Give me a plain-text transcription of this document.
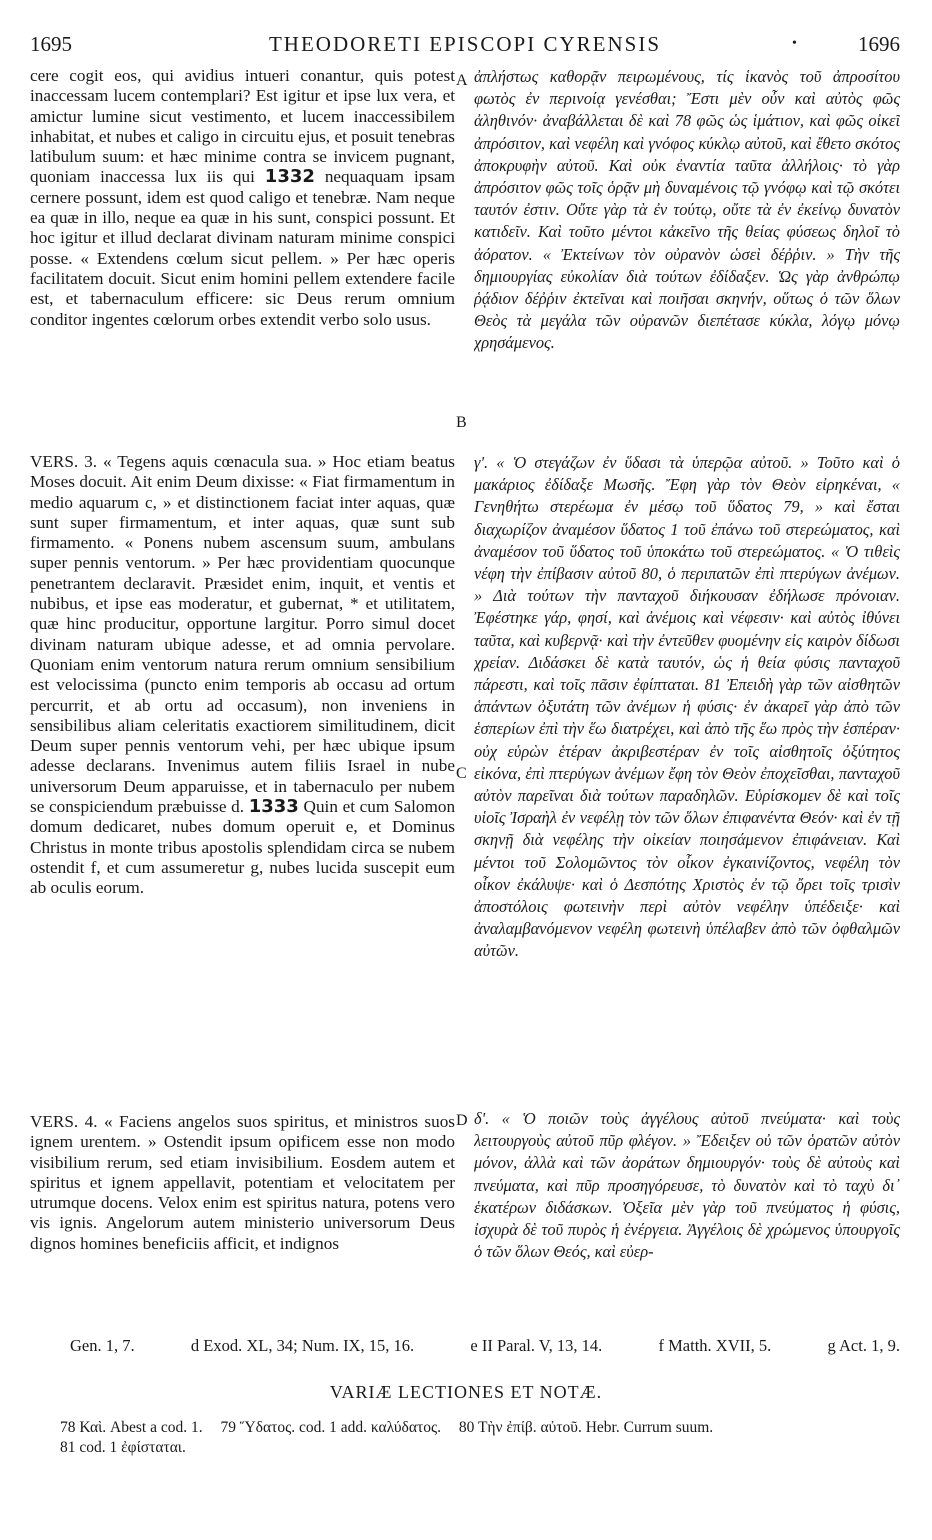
1695	THEODORETI EPISCOPI CYRENSIS	•	1696

cere cogit eos, qui avidius intueri conantur, quis potest inaccessam lucem contemplari? Est igitur et ipse lux vera, et amictur lumine sicut vestimento, et lucem inaccessibilem inhabitat, et nubes et caligo in circuitu ejus, et posuit tenebras latibulum suum: et hæc minime contra se invicem pugnant, quoniam inaccessa lux iis qui 1332 nequaquam ipsam cernere possunt, idem est quod caligo et tenebræ. Nam neque ea quæ in illo, neque ea quæ in his sunt, conspici possunt. Et hoc igitur et illud declarat divinam naturam minime conspici posse. « Extendens cœlum sicut pellem. » Per hæc operis facilitatem docuit. Sicut enim homini pellem extendere facile est, et tabernaculum efficere: sic Deus rerum omnium conditor ingentes cœlorum orbes extendit verbo solo usus.

VERS. 3. « Tegens aquis cœnacula sua. » Hoc etiam beatus Moses docuit. Ait enim Deum dixisse: « Fiat firmamentum in medio aquarum c, » et distinctionem faciat inter aquas, quæ sunt super firmamentum, et inter aquas, quæ sunt sub firmamento. « Ponens nubem ascensum suum, ambulans super pennis ventorum. » Per hæc providentiam quocunque penetrantem declaravit. Præsidet enim, inquit, et ventis et nubibus, et ipse eas moderatur, et gubernat, * et utilitatem, quæ hinc producitur, opportune largitur. Porro simul docet divinam naturam ubique adesse, et ad omnia pervolare. Quoniam enim ventorum natura rerum omnium sensibilium est velocissima (puncto enim temporis ab occasu ad ortum percurrit, et ab ortu ad occasum), non inveniens in sensibilibus aliam celeritatis exactiorem similitudinem, dicit Deum super pennis ventorum vehi, per hæc ubique ipsum adesse declarans. Invenimus autem filiis Israel in nube universorum Deum apparuisse, et in tabernaculo per nubem se conspiciendum præbuisse d. 1333 Quin et cum Salomon domum dedicaret, nubes domum operuit e, et Dominus Christus in monte tribus apostolis splendidam circa se nubem ostendit f, et cum assumeretur g, nubes lucida suscepit eum ab oculis eorum.

VERS. 4. « Faciens angelos suos spiritus, et ministros suos ignem urentem. » Ostendit ipsum opificem esse non modo visibilium rerum, sed etiam invisibilium. Eosdem autem et spiritus et ignem appellavit, potentiam et velocitatem per utrumque docens. Velox enim est spiritus natura, potens vero vis ignis. Angelorum autem ministerio universorum Deus dignos homines beneficiis afficit, et indignos

A
B
C
D

ἀπλήστως καθορᾷν πειρωμένους, τίς ἱκανὸς τοῦ ἀπροσίτου φωτὸς ἐν περινοίᾳ γενέσθαι; Ἔστι μὲν οὖν καὶ αὐτὸς φῶς ἀληθινόν· ἀναβάλλεται δὲ καὶ 78 φῶς ὡς ἱμάτιον, καὶ φῶς οἰκεῖ ἀπρόσιτον, καὶ νεφέλη καὶ γνόφος κύκλῳ αὐτοῦ, καὶ ἔθετο σκότος ἀποκρυφὴν αὐτοῦ. Καὶ οὐκ ἐναντία ταῦτα ἀλλήλοις· τὸ γὰρ ἀπρόσιτον φῶς τοῖς ὁρᾷν μὴ δυναμένοις τῷ γνόφῳ καὶ τῷ σκότει ταυτόν ἐστιν. Οὔτε γὰρ τὰ ἐν τούτῳ, οὔτε τὰ ἐν ἐκείνῳ δυνατὸν κατιδεῖν. Καὶ τοῦτο μέντοι κἀκεῖνο τῆς θείας φύσεως δηλοῖ τὸ ἀόρατον. « Ἐκτείνων τὸν οὐρανὸν ὡσεὶ δέῤῥιν. » Τὴν τῆς δημιουργίας εὐκολίαν διὰ τούτων ἐδίδαξεν. Ὡς γὰρ ἀνθρώπῳ ῥᾴδιον δέῤῥιν ἐκτεῖναι καὶ ποιῆσαι σκηνήν, οὕτως ὁ τῶν ὅλων Θεὸς τὰ μεγάλα τῶν οὐρανῶν διεπέτασε κύκλα, λόγῳ μόνῳ χρησάμενος.

γʹ. « Ὁ στεγάζων ἐν ὕδασι τὰ ὑπερῷα αὐτοῦ. » Τοῦτο καὶ ὁ μακάριος ἐδίδαξε Μωσῆς. Ἔφη γὰρ τὸν Θεὸν εἰρηκέναι, « Γενηθήτω στερέωμα ἐν μέσῳ τοῦ ὕδατος 79, » καὶ ἔσται διαχωρίζον ἀναμέσον ὕδατος 1 τοῦ ἐπάνω τοῦ στερεώματος, καὶ ἀναμέσον τοῦ ὕδατος τοῦ ὑποκάτω τοῦ στερεώματος. « Ὁ τιθεὶς νέφη τὴν ἐπίβασιν αὐτοῦ 80, ὁ περιπατῶν ἐπὶ πτερύγων ἀνέμων. » Διὰ τούτων τὴν πανταχοῦ διήκουσαν ἐδήλωσε πρόνοιαν. Ἐφέστηκε γάρ, φησί, καὶ ἀνέμοις καὶ νέφεσιν· καὶ αὐτὸς ἰθύνει ταῦτα, καὶ κυβερνᾷ· καὶ τὴν ἐντεῦθεν φυομένην εἰς καιρὸν δίδωσι χρείαν. Διδάσκει δὲ κατὰ ταυτόν, ὡς ἡ θεία φύσις πανταχοῦ πάρεστι, καὶ τοῖς πᾶσιν ἐφίπταται. 81 Ἐπειδὴ γὰρ τῶν αἰσθητῶν ἁπάντων ὀξυτάτη τῶν ἀνέμων ἡ φύσις· ἐν ἀκαρεῖ γὰρ ἀπὸ τῶν ἑσπερίων ἐπὶ τὴν ἕω διατρέχει, καὶ ἀπὸ τῆς ἕω πρὸς τὴν ἑσπέραν· οὐχ εὑρὼν ἑτέραν ἀκριβεστέραν ἐν τοῖς αἰσθητοῖς ὀξύτητος εἰκόνα, ἐπὶ πτερύγων ἀνέμων ἔφη τὸν Θεὸν ἐποχεῖσθαι, πανταχοῦ αὐτὸν παρεῖναι διὰ τούτων παραδηλῶν. Εὑρίσκομεν δὲ καὶ τοῖς υἱοῖς Ἰσραὴλ ἐν νεφέλῃ τὸν τῶν ὅλων ἐπιφανέντα Θεόν· καὶ ἐν τῇ σκηνῇ διὰ νεφέλης τὴν οἰκείαν ποιησάμενον ἐπιφάνειαν. Καὶ μέντοι τοῦ Σολομῶντος τὸν οἶκον ἐγκαινίζοντος, νεφέλη τὸν οἶκον ἐκάλυψε· καὶ ὁ Δεσπότης Χριστὸς ἐν τῷ ὄρει τοῖς τρισὶν ἀποστόλοις φωτεινὴν περὶ αὐτὸν νεφέλην ὑπέδειξε· καὶ ἀναλαμβανόμενον νεφέλη φωτεινὴ ὑπέλαβεν ἀπὸ τῶν ὀφθαλμῶν αὐτῶν.

δʹ. « Ὁ ποιῶν τοὺς ἀγγέλους αὐτοῦ πνεύματα· καὶ τοὺς λειτουργοὺς αὐτοῦ πῦρ φλέγον. » Ἔδειξεν οὐ τῶν ὁρατῶν αὐτὸν μόνον, ἀλλὰ καὶ τῶν ἀοράτων δημιουργόν· τοὺς δὲ αὐτοὺς καὶ πνεύματα, καὶ πῦρ προσηγόρευσε, τὸ δυνατὸν καὶ τὸ ταχὺ δι᾽ ἑκατέρων διδάσκων. Ὀξεῖα μὲν γὰρ τοῦ πνεύματος ἡ φύσις, ἰσχυρὰ δὲ τοῦ πυρὸς ἡ ἐνέργεια. Ἀγγέλοις δὲ χρώμενος ὑπουργοῖς ὁ τῶν ὅλων Θεός, καὶ εὐερ-

Gen. 1, 7.	d Exod. XL, 34; Num. IX, 15, 16.	e II Paral. V, 13, 14.	f Matth. XVII, 5.	g Act. 1, 9.
VARIÆ LECTIONES ET NOTÆ.
78 Καὶ. Abest a cod. 1. 79 Ὕδατος. cod. 1 add. καλύδατος. 80 Τὴν ἐπίβ. αὐτοῦ. Hebr. Currum suum.
81 cod. 1 ἐφίσταται.
